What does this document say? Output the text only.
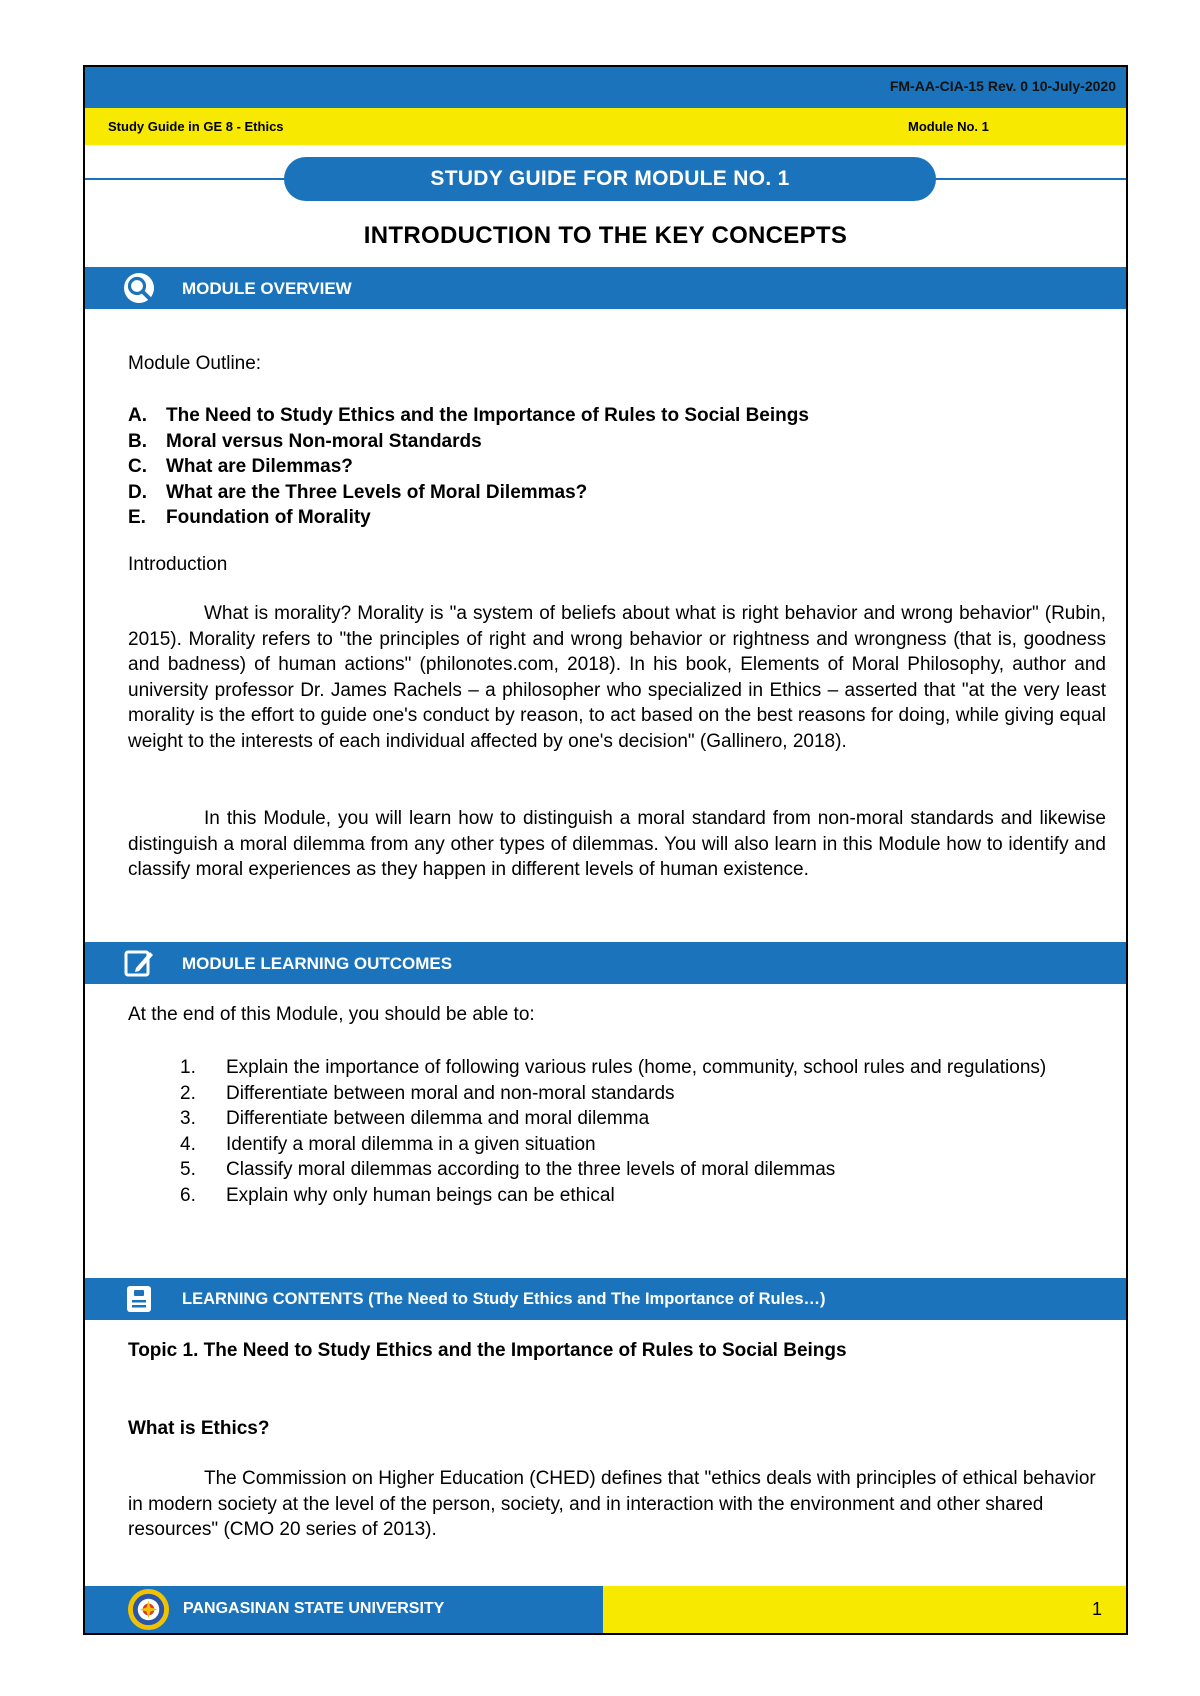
FM-AA-CIA-15 Rev. 0 10-July-2020
Study Guide in GE 8 - Ethics	Module No. 1
STUDY GUIDE FOR MODULE NO. 1
INTRODUCTION TO THE KEY CONCEPTS
MODULE OVERVIEW
Module Outline:
A.	The Need to Study Ethics and the Importance of Rules to Social Beings
B.	Moral versus Non-moral Standards
C.	What are Dilemmas?
D.	What are the Three Levels of Moral Dilemmas?
E.	Foundation of Morality
Introduction

What is morality? Morality is "a system of beliefs about what is right behavior and wrong behavior" (Rubin, 2015). Morality refers to "the principles of right and wrong behavior or rightness and wrongness (that is, goodness and badness) of human actions" (philonotes.com, 2018). In his book, Elements of Moral Philosophy, author and university professor Dr. James Rachels – a philosopher who specialized in Ethics – asserted that "at the very least morality is the effort to guide one's conduct by reason, to act based on the best reasons for doing, while giving equal weight to the interests of each individual affected by one's decision" (Gallinero, 2018).

In this Module, you will learn how to distinguish a moral standard from non-moral standards and likewise distinguish a moral dilemma from any other types of dilemmas. You will also learn in this Module how to identify and classify moral experiences as they happen in different levels of human existence.

MODULE LEARNING OUTCOMES
At the end of this Module, you should be able to:
1.	Explain the importance of following various rules (home, community, school rules and regulations)
2.	Differentiate between moral and non-moral standards
3.	Differentiate between dilemma and moral dilemma
4.	Identify a moral dilemma in a given situation
5.	Classify moral dilemmas according to the three levels of moral dilemmas
6.	Explain why only human beings can be ethical
LEARNING CONTENTS (The Need to Study Ethics and The Importance of Rules…)
Topic 1. The Need to Study Ethics and the Importance of Rules to Social Beings
What is Ethics?

The Commission on Higher Education (CHED) defines that "ethics deals with principles of ethical behavior in modern society at the level of the person, society, and in interaction with the environment and other shared resources" (CMO 20 series of 2013).

PANGASINAN STATE UNIVERSITY	1
